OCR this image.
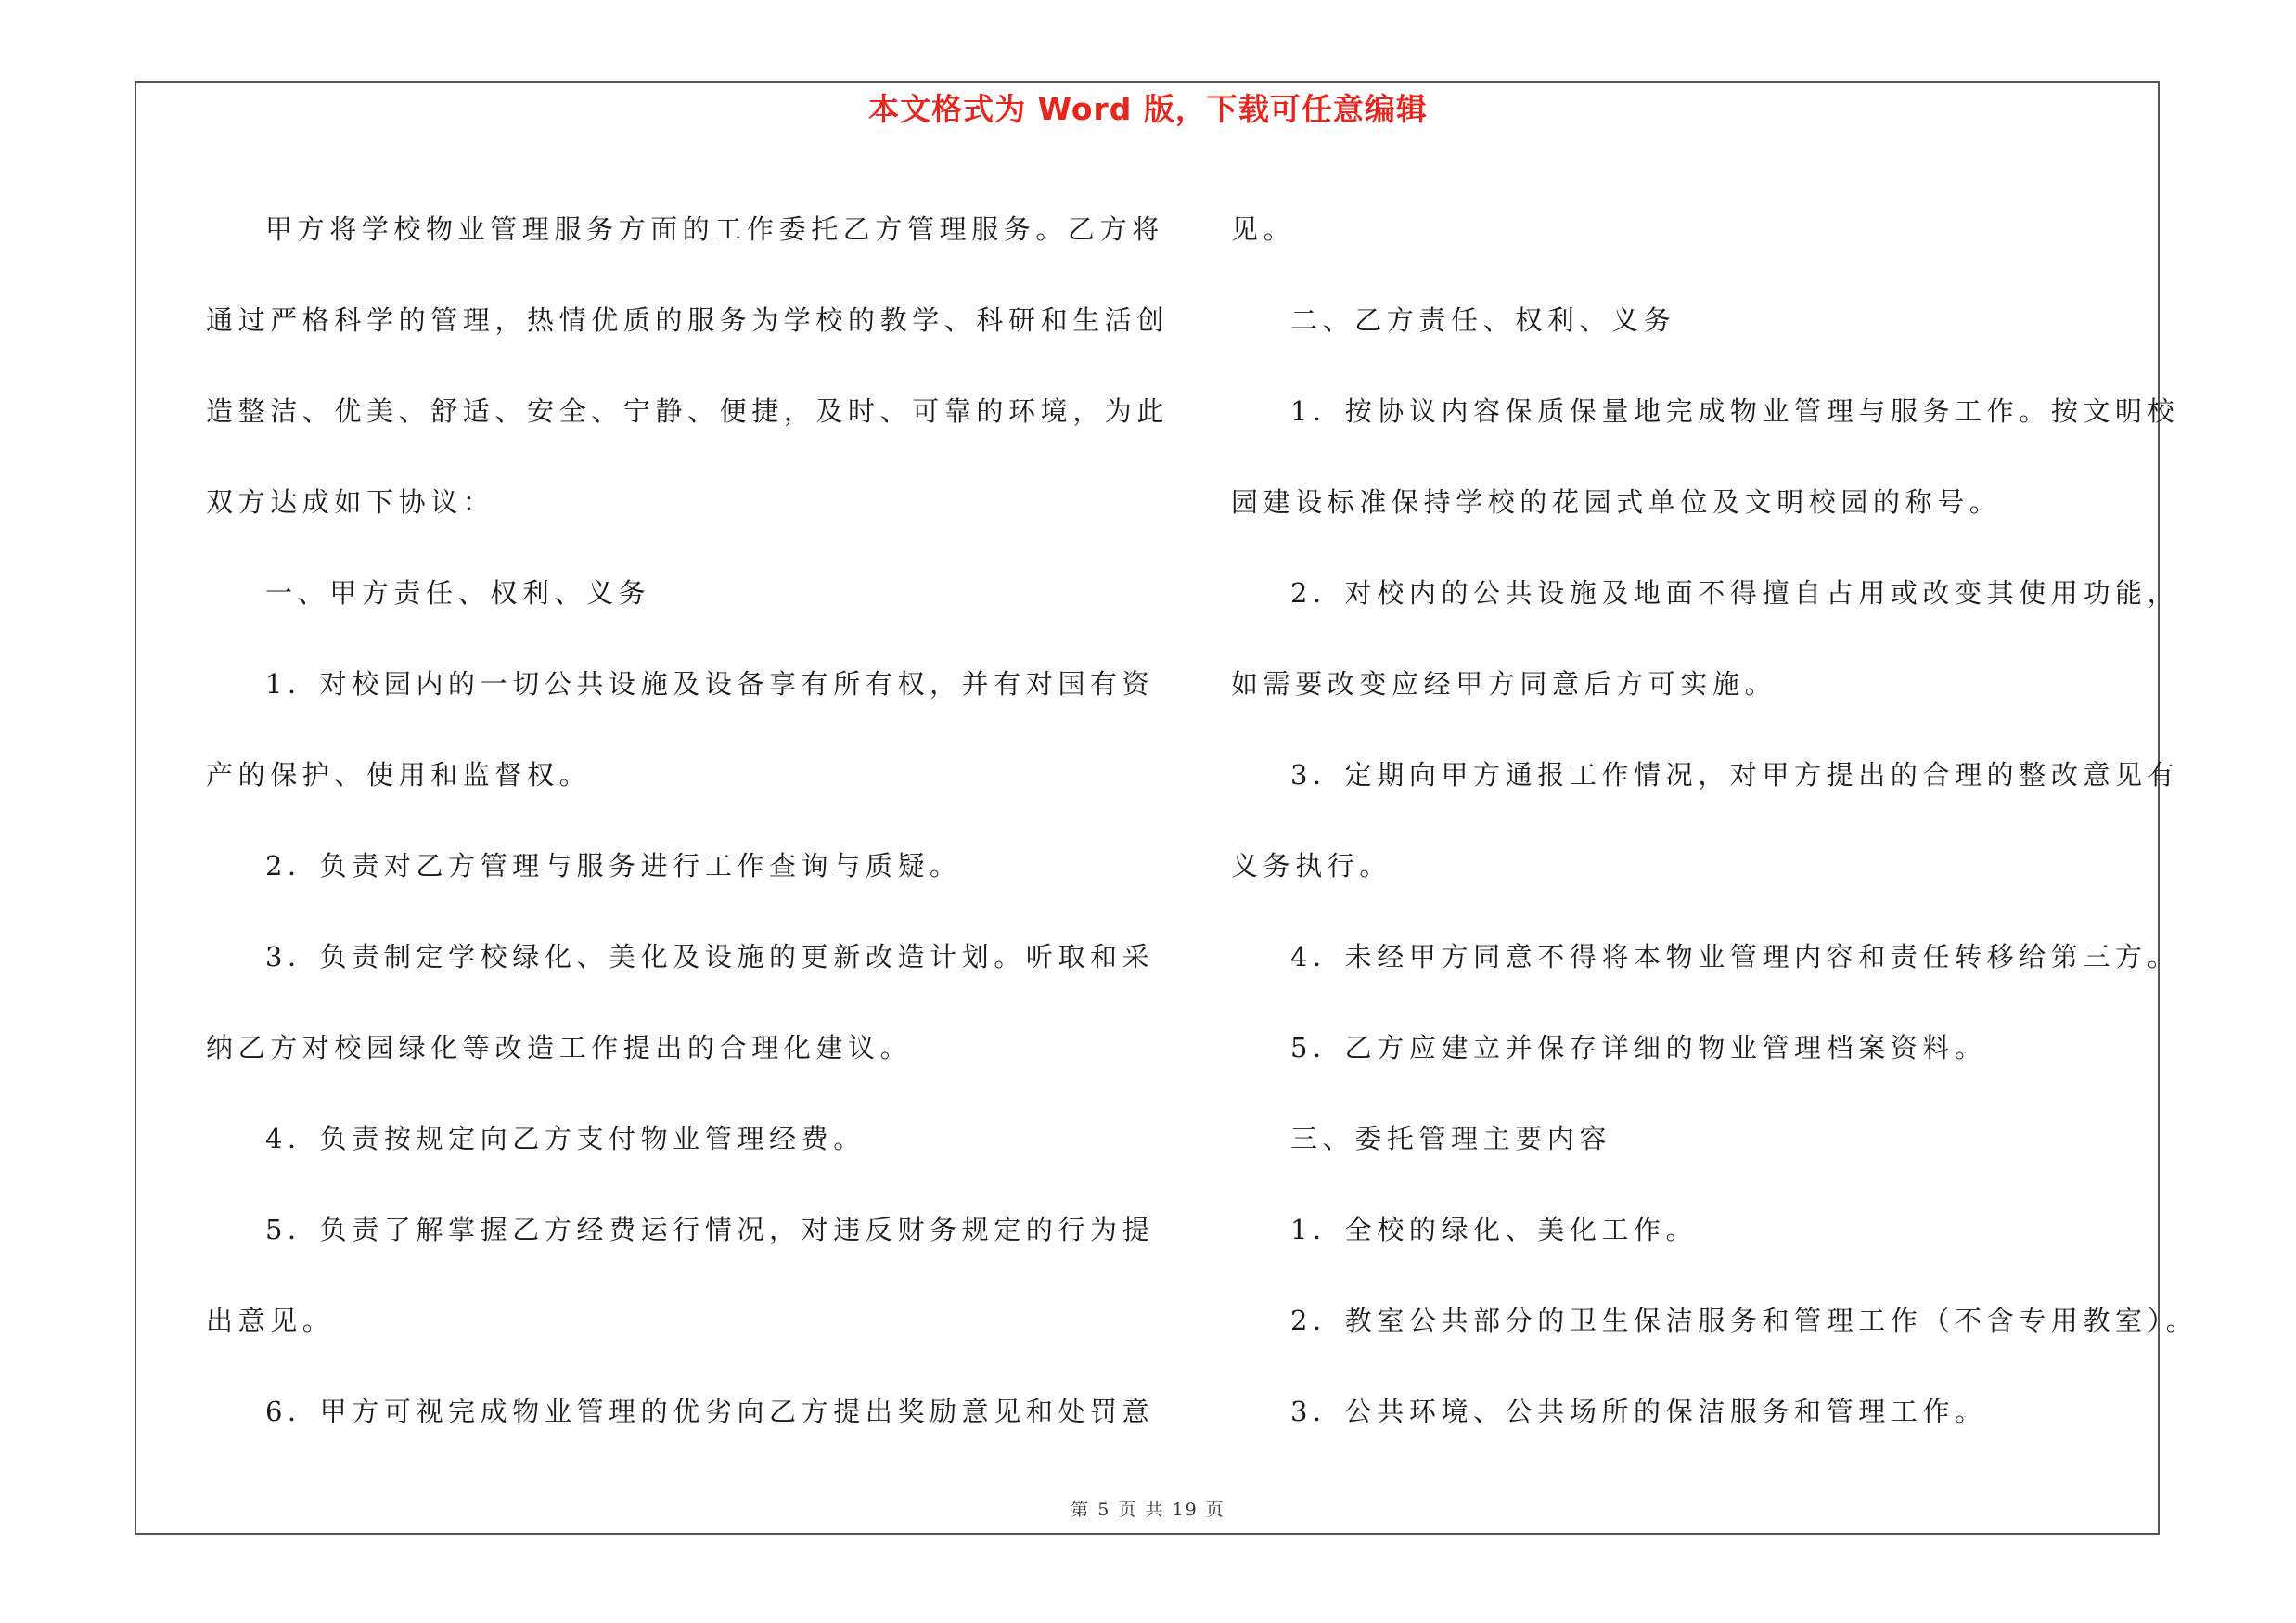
本文格式为 Word 版，下载可任意编辑

甲方将学校物业管理服务方面的工作委托乙方管理服务。乙方将

通过严格科学的管理，热情优质的服务为学校的教学、科研和生活创

造整洁、优美、舒适、安全、宁静、便捷，及时、可靠的环境，为此

双方达成如下协议：

一、甲方责任、权利、义务

1．对校园内的一切公共设施及设备享有所有权，并有对国有资

产的保护、使用和监督权。

2．负责对乙方管理与服务进行工作查询与质疑。

3．负责制定学校绿化、美化及设施的更新改造计划。听取和采

纳乙方对校园绿化等改造工作提出的合理化建议。

4．负责按规定向乙方支付物业管理经费。

5．负责了解掌握乙方经费运行情况，对违反财务规定的行为提

出意见。

6．甲方可视完成物业管理的优劣向乙方提出奖励意见和处罚意

见。

二、乙方责任、权利、义务

1．按协议内容保质保量地完成物业管理与服务工作。按文明校

园建设标准保持学校的花园式单位及文明校园的称号。

2．对校内的公共设施及地面不得擅自占用或改变其使用功能，

如需要改变应经甲方同意后方可实施。

3．定期向甲方通报工作情况，对甲方提出的合理的整改意见有

义务执行。

4．未经甲方同意不得将本物业管理内容和责任转移给第三方。

5．乙方应建立并保存详细的物业管理档案资料。

三、委托管理主要内容

1．全校的绿化、美化工作。

2．教室公共部分的卫生保洁服务和管理工作（不含专用教室）。

3．公共环境、公共场所的保洁服务和管理工作。

第 5 页 共 19 页
